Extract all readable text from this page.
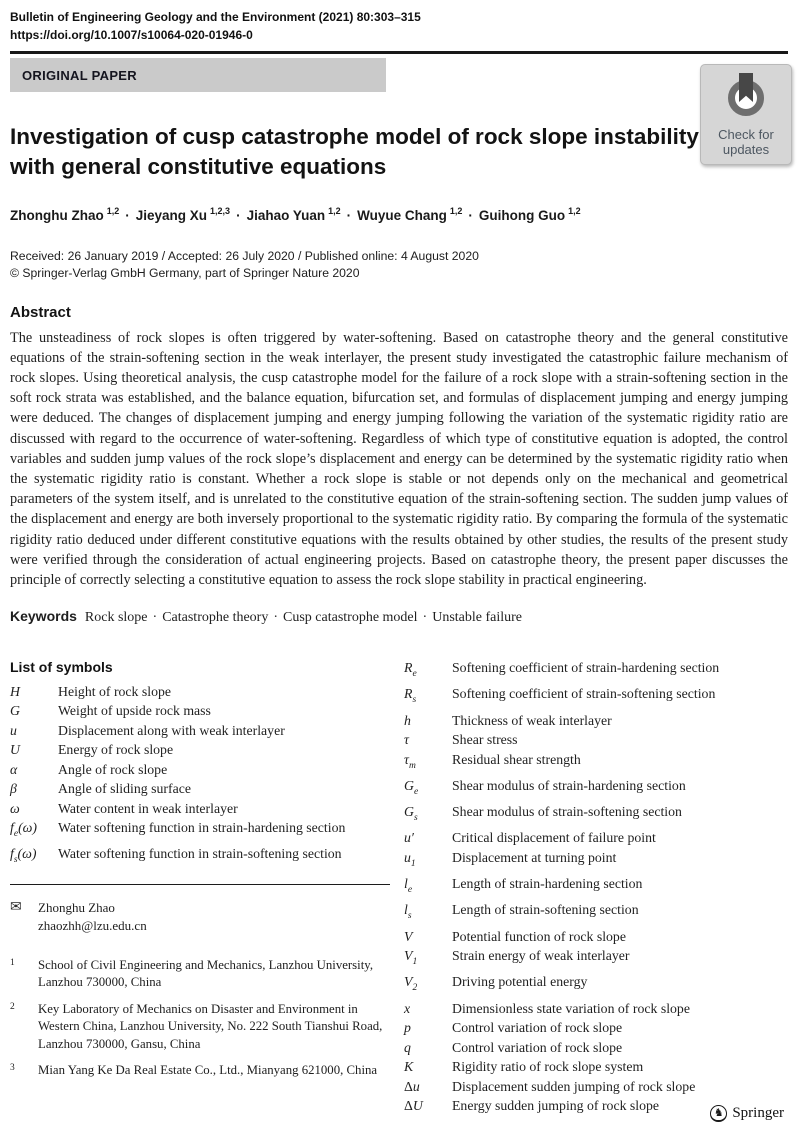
Bulletin of Engineering Geology and the Environment (2021) 80:303–315
https://doi.org/10.1007/s10064-020-01946-0
ORIGINAL PAPER
Check for
updates
Investigation of cusp catastrophe model of rock slope instability
with general constitutive equations
Zhonghu Zhao $^{1,2}$ · Jieyang Xu $^{1,2,3}$ · Jiahao Yuan $^{1,2}$ · Wuyue Chang $^{1,2}$ · Guihong Guo $^{1,2}$
Received: 26 January 2019 / Accepted: 26 July 2020 / Published online: 4 August 2020
© Springer-Verlag GmbH Germany, part of Springer Nature 2020
Abstract

The unsteadiness of rock slopes is often triggered by water-softening. Based on catastrophe theory and the general constitutive equations of the strain-softening section in the weak interlayer, the present study investigated the catastrophic failure mechanism of rock slopes. Using theoretical analysis, the cusp catastrophe model for the failure of a rock slope with a strain-softening section in the soft rock strata was established, and the balance equation, bifurcation set, and formulas of displacement jumping and energy jumping were deduced. The changes of displacement jumping and energy jumping following the variation of the systematic rigidity ratio are discussed with regard to the occurrence of water-softening. Regardless of which type of constitutive equation is adopted, the control variables and sudden jump values of the rock slope’s displacement and energy can be determined by the systematic rigidity ratio when the systematic rigidity ratio is constant. Whether a rock slope is stable or not depends only on the mechanical and geometrical parameters of the system itself, and is unrelated to the constitutive equation of the strain-softening section. The sudden jump values of the displacement and energy are both inversely proportional to the systematic rigidity ratio. By comparing the formula of the systematic rigidity ratio deduced under different constitutive equations with the results obtained by other studies, the results of the present study were verified through the consideration of actual engineering projects. Based on catastrophe theory, the present paper discusses the principle of correctly selecting a constitutive equation to assess the rock slope stability in practical engineering.

Keywords Rock slope · Catastrophe theory · Cusp catastrophe model · Unstable failure
List of symbols
H	Height of rock slope
G	Weight of upside rock mass
u	Displacement along with weak interlayer
U	Energy of rock slope
α	Angle of rock slope
β	Angle of sliding surface
ω	Water content in weak interlayer
$f_e(\omega)$	Water softening function in strain-hardening section
$f_s(\omega)$	Water softening function in strain-softening section
✉	Zhonghu Zhao
zhaozhh@lzu.edu.cn
1	School of Civil Engineering and Mechanics, Lanzhou University, Lanzhou 730000, China
2	Key Laboratory of Mechanics on Disaster and Environment in Western China, Lanzhou University, No. 222 South Tianshui Road, Lanzhou 730000, Gansu, China
3	Mian Yang Ke Da Real Estate Co., Ltd., Mianyang 621000, China
$R_e$	Softening coefficient of strain-hardening section
$R_s$	Softening coefficient of strain-softening section
h	Thickness of weak interlayer
τ	Shear stress
$\tau_m$	Residual shear strength
$G_e$	Shear modulus of strain-hardening section
$G_s$	Shear modulus of strain-softening section
u′	Critical displacement of failure point
$u_1$	Displacement at turning point
$l_e$	Length of strain-hardening section
$l_s$	Length of strain-softening section
V	Potential function of rock slope
$V_1$	Strain energy of weak interlayer
$V_2$	Driving potential energy
x	Dimensionless state variation of rock slope
p	Control variation of rock slope
q	Control variation of rock slope
K	Rigidity ratio of rock slope system
Δu	Displacement sudden jumping of rock slope
ΔU	Energy sudden jumping of rock slope	♞ Springer
